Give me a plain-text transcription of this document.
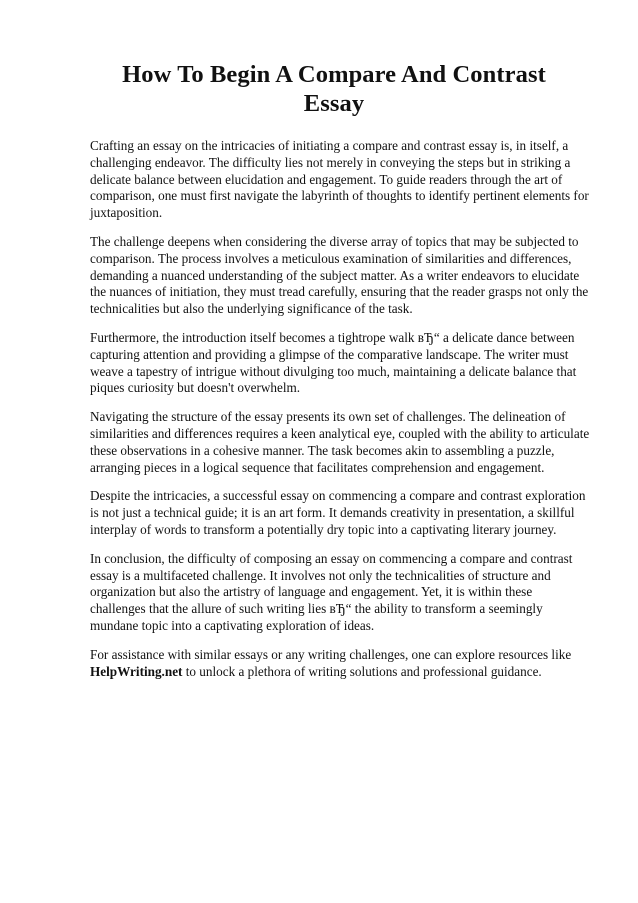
How To Begin A Compare And Contrast Essay

Crafting an essay on the intricacies of initiating a compare and contrast essay is, in itself, a challenging endeavor. The difficulty lies not merely in conveying the steps but in striking a delicate balance between elucidation and engagement. To guide readers through the art of comparison, one must first navigate the labyrinth of thoughts to identify pertinent elements for juxtaposition.

The challenge deepens when considering the diverse array of topics that may be subjected to comparison. The process involves a meticulous examination of similarities and differences, demanding a nuanced understanding of the subject matter. As a writer endeavors to elucidate the nuances of initiation, they must tread carefully, ensuring that the reader grasps not only the technicalities but also the underlying significance of the task.

Furthermore, the introduction itself becomes a tightrope walk вЂ“ a delicate dance between capturing attention and providing a glimpse of the comparative landscape. The writer must weave a tapestry of intrigue without divulging too much, maintaining a delicate balance that piques curiosity but doesn't overwhelm.

Navigating the structure of the essay presents its own set of challenges. The delineation of similarities and differences requires a keen analytical eye, coupled with the ability to articulate these observations in a cohesive manner. The task becomes akin to assembling a puzzle, arranging pieces in a logical sequence that facilitates comprehension and engagement.

Despite the intricacies, a successful essay on commencing a compare and contrast exploration is not just a technical guide; it is an art form. It demands creativity in presentation, a skillful interplay of words to transform a potentially dry topic into a captivating literary journey.

In conclusion, the difficulty of composing an essay on commencing a compare and contrast essay is a multifaceted challenge. It involves not only the technicalities of structure and organization but also the artistry of language and engagement. Yet, it is within these challenges that the allure of such writing lies вЂ“ the ability to transform a seemingly mundane topic into a captivating exploration of ideas.

For assistance with similar essays or any writing challenges, one can explore resources like
HelpWriting.net to unlock a plethora of writing solutions and professional guidance.
